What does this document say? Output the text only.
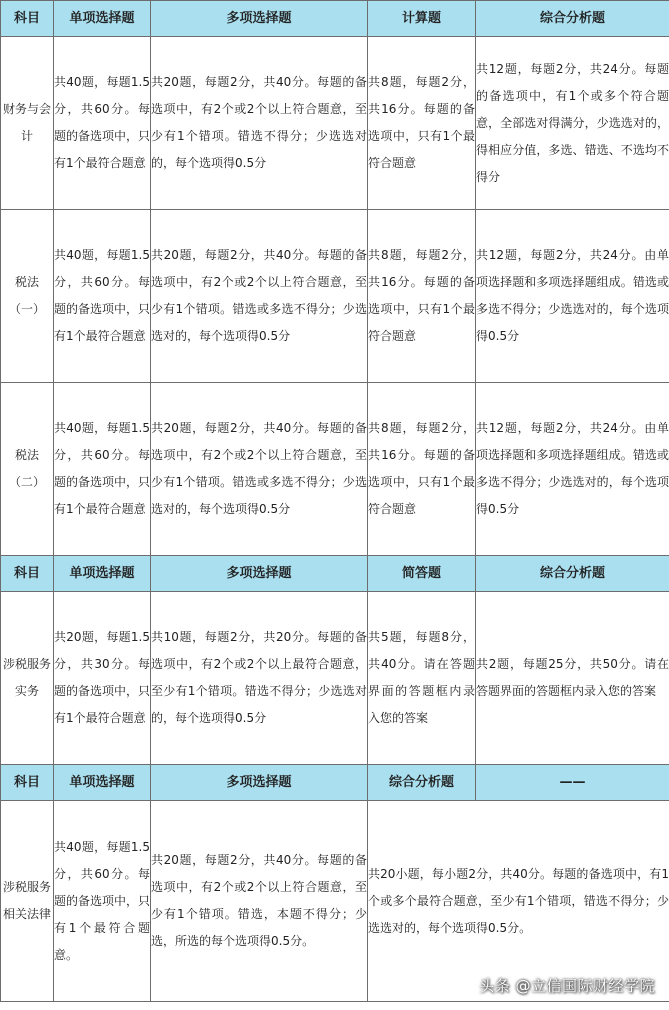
科目	单项选择题	多项选择题	计算题	综合分析题
财务与会计	共40题，每题1.5分，共60分。每题的备选项中，只有1个最符合题意	共20题，每题2分，共40分。每题的备选项中，有2个或2个以上符合题意，至少有1个错项。错选不得分；少选选对的，每个选项得0.5分	共8题，每题2分，共16分。每题的备选项中，只有1个最符合题意	共12题，每题2分，共24分。每题的备选项中，有1个或多个符合题意，全部选对得满分，少选选对的，得相应分值，多选、错选、不选均不得分
税法（一）	共40题，每题1.5分，共60分。每题的备选项中，只有1个最符合题意	共20题，每题2分，共40分。每题的备选项中，有2个或2个以上符合题意，至少有1个错项。错选或多选不得分；少选选对的，每个选项得0.5分	共8题，每题2分，共16分。每题的备选项中，只有1个最符合题意	共12题，每题2分，共24分。由单项选择题和多项选择题组成。错选或多选不得分；少选选对的，每个选项得0.5分
税法（二）	共40题，每题1.5分，共60分。每题的备选项中，只有1个最符合题意	共20题，每题2分，共40分。每题的备选项中，有2个或2个以上符合题意，至少有1个错项。错选或多选不得分；少选选对的，每个选项得0.5分	共8题，每题2分，共16分。每题的备选项中，只有1个最符合题意	共12题，每题2分，共24分。由单项选择题和多项选择题组成。错选或多选不得分；少选选对的，每个选项得0.5分
科目	单项选择题	多项选择题	简答题	综合分析题
涉税服务实务	共20题，每题1.5分，共30分。每题的备选项中，只有1个最符合题意	共10题，每题2分，共20分。每题的备选项中，有2个或2个以上最符合题意，至少有1个错项。错选不得分；少选选对的，每个选项得0.5分	共5题，每题8分，共40分。请在答题界面的答题框内录入您的答案	共2题，每题25分，共50分。请在答题界面的答题框内录入您的答案
科目	单项选择题	多项选择题	综合分析题	——
涉税服务相关法律	共40题，每题1.5分，共60分。每题的备选项中，只有1个最符合题意。	共20题，每题2分，共40分。每题的备选项中，有2个或2个以上符合题意，至少有1个错项。错选，本题不得分；少选，所选的每个选项得0.5分。	共20小题，每小题2分，共40分。每题的备选项中，有1个或多个最符合题意，至少有1个错项，错选不得分；少选选对的，每个选项得0.5分。	
头条 @立信国际财经学院
